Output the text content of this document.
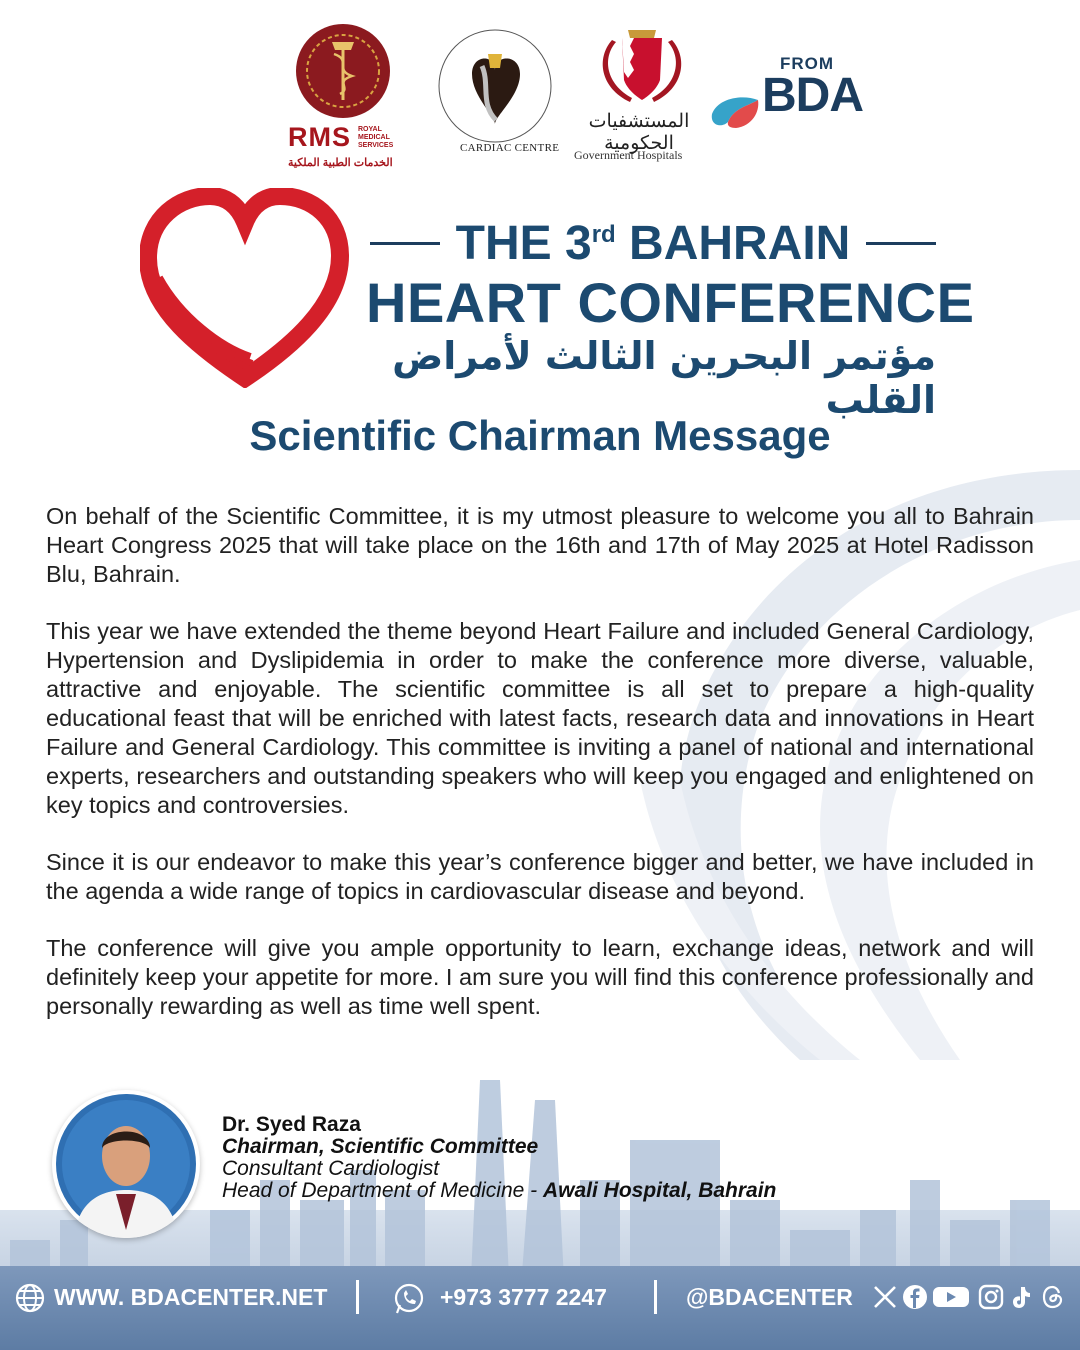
RMS ROYAL MEDICAL SERVICES
الخدمات الطبية الملكية
CARDIAC CENTRE
المستشفيات الحكومية
Government Hospitals
FROM
BDA
THE 3rd BAHRAIN
HEART CONFERENCE
مؤتمر البحرين الثالث لأمراض القلب
Scientific Chairman Message

On behalf of the Scientific Committee, it is my utmost pleasure to welcome you all to Bahrain Heart Congress 2025 that will take place on the 16th and 17th of May 2025 at Hotel Radisson Blu, Bahrain.

This year we have extended the theme beyond Heart Failure and included General Cardiology, Hypertension and Dyslipidemia in order to make the conference more diverse, valuable, attractive and enjoyable. The scientific committee is all set to prepare a high-quality educational feast that will be enriched with latest facts, research data and innovations in Heart Failure and General Cardiology. This committee is inviting a panel of national and international experts, researchers and outstanding speakers who will keep you engaged and enlightened on key topics and controversies.

Since it is our endeavor to make this year’s conference bigger and better, we have included in the agenda a wide range of topics in cardiovascular disease and beyond.

The conference will give you ample opportunity to learn, exchange ideas, network and will definitely keep your appetite for more. I am sure you will find this conference professionally and personally rewarding as well as time well spent.

Dr. Syed Raza
Chairman, Scientific Committee
Consultant Cardiologist
Head of Department of Medicine - Awali Hospital, Bahrain
WWW. BDACENTER.NET	+973 3777 2247	@BDACENTER
